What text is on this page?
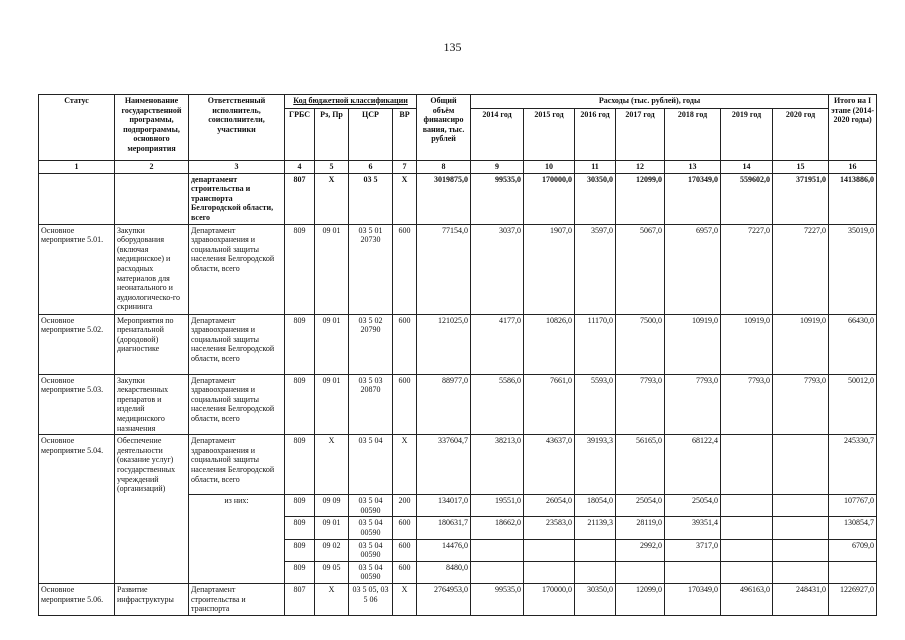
135
Статус	Наименование государственной программы, подпрограммы, основного мероприятия	Ответственный исполнитель, соисполнители, участники	Код бюджетной классификации				Общий объём финансиро вания, тыс. рублей	Расходы (тыс. рублей), годы							Итого на I этапе (2014-2020 годы)
			ГРБС	Рз, Пр	ЦСР	ВР		2014 год	2015 год	2016 год	2017 год	2018 год	2019 год	2020 год	
1	2	3	4	5	6	7	8	9	10	11	12	13	14	15	16
		департамент строительства и транспорта Белгородской области, всего	807	Х	03 5	Х	3019875,0	99535,0	170000,0	30350,0	12099,0	170349,0	559602,0	371951,0	1413886,0
Основное мероприятие 5.01.	Закупки оборудования (включая медицинское) и расходных материалов для неонатального и аудиологическо-го скрининга	Департамент здравоохранения и социальной защиты населения Белгородской области, всего	809	09 01	03 5 01 20730	600	77154,0	3037,0	1907,0	3597,0	5067,0	6957,0	7227,0	7227,0	35019,0
Основное мероприятие 5.02.	Мероприятия по пренатальной (дородовой) диагностике	Департамент здравоохранения и социальной защиты населения Белгородской области, всего	809	09 01	03 5 02 20790	600	121025,0	4177,0	10826,0	11170,0	7500,0	10919,0	10919,0	10919,0	66430,0
Основное мероприятие 5.03.	Закупки лекарственных препаратов и изделий медицинского назначения	Департамент здравоохранения и социальной защиты населения Белгородской области, всего	809	09 01	03 5 03 20870	600	88977,0	5586,0	7661,0	5593,0	7793,0	7793,0	7793,0	7793,0	50012,0
Основное мероприятие 5.04.	Обеспечение деятельности (оказание услуг) государственных учреждений (организаций)	Департамент здравоохранения и социальной защиты населения Белгородской области, всего	809	Х	03 5 04	Х	337604,7	38213,0	43637,0	39193,3	56165,0	68122,4			245330,7
		из них:	809	09 09	03 5 04 00590	200	134017,0	19551,0	26054,0	18054,0	25054,0	25054,0			107767,0
			809	09 01	03 5 04 00590	600	180631,7	18662,0	23583,0	21139,3	28119,0	39351,4			130854,7
			809	09 02	03 5 04 00590	600	14476,0				2992,0	3717,0			6709,0
			809	09 05	03 5 04 00590	600	8480,0								
Основное мероприятие 5.06.	Развитие инфраструктуры	Департамент строительства и транспорта	807	Х	03 5 05, 03 5 06	Х	2764953,0	99535,0	170000,0	30350,0	12099,0	170349,0	496163,0	248431,0	1226927,0
